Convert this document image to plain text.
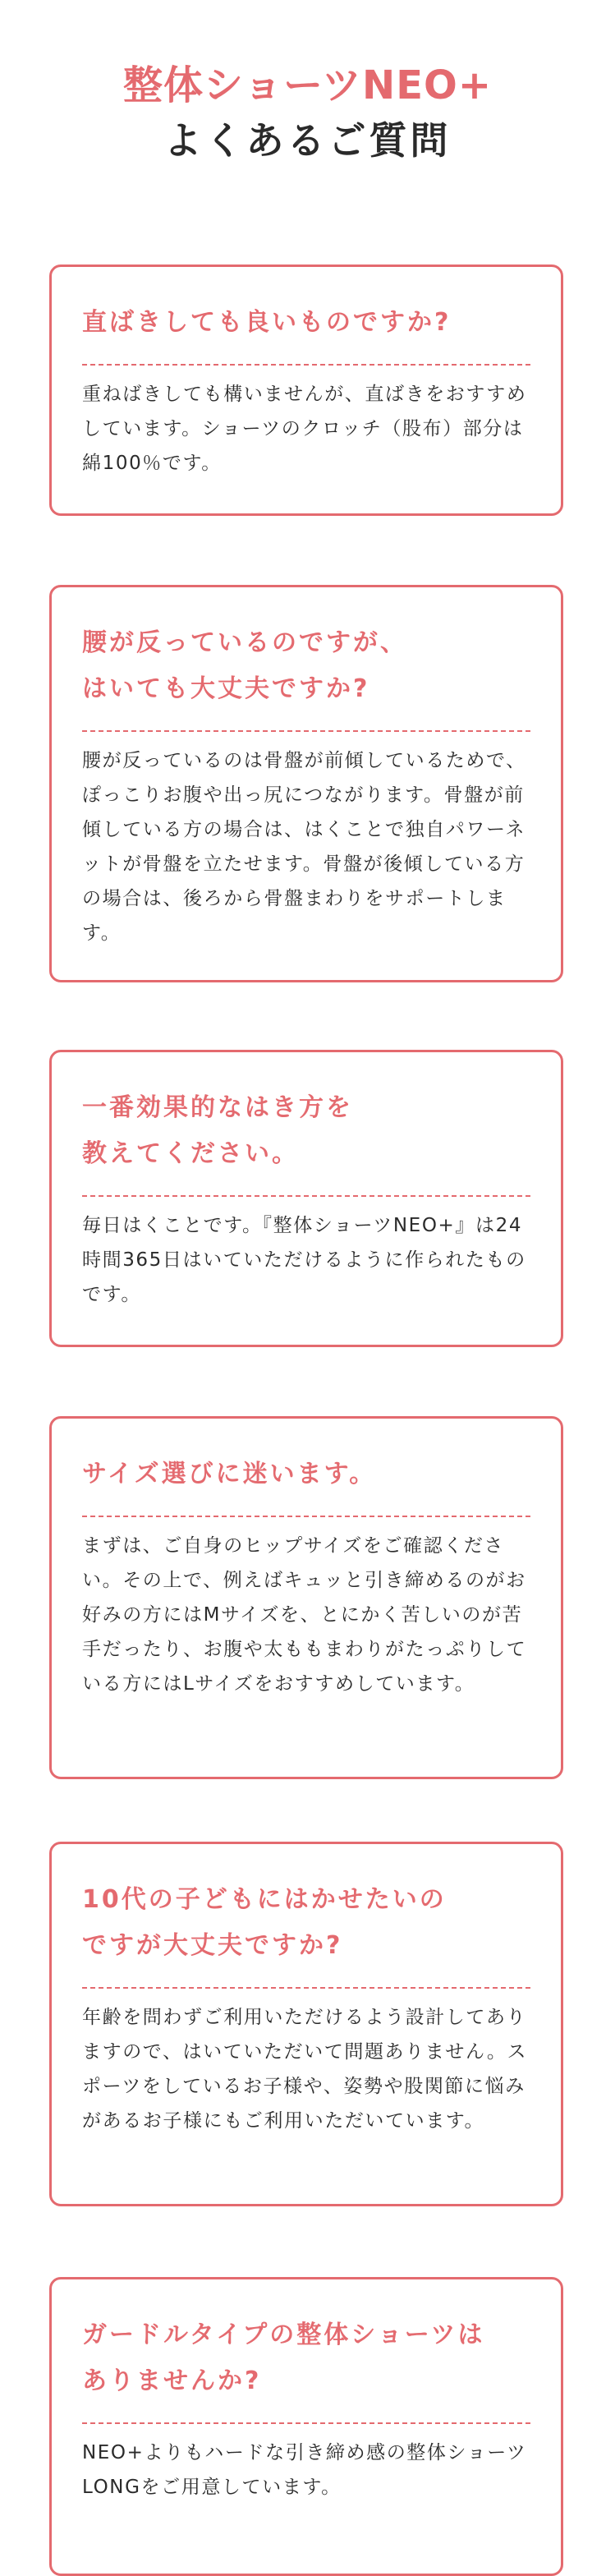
整体ショーツNEO+
よくあるご質問
直ばきしても良いものですか?

重ねばきしても構いませんが、直ばきをおすすめしています。ショーツのクロッチ（股布）部分は綿100％です。

腰が反っているのですが、
はいても大丈夫ですか?

腰が反っているのは骨盤が前傾しているためで、ぽっこりお腹や出っ尻につながります。骨盤が前傾している方の場合は、はくことで独自パワーネットが骨盤を立たせます。骨盤が後傾している方の場合は、後ろから骨盤まわりをサポートします。

一番効果的なはき方を
教えてください。

毎日はくことです。『整体ショーツNEO+』は24時間365日はいていただけるように作られたものです。

サイズ選びに迷います。

まずは、ご自身のヒップサイズをご確認ください。その上で、例えばキュッと引き締めるのがお好みの方にはMサイズを、とにかく苦しいのが苦手だったり、お腹や太ももまわりがたっぷりしている方にはLサイズをおすすめしています。

10代の子どもにはかせたいの
ですが大丈夫ですか?

年齢を問わずご利用いただけるよう設計してありますので、はいていただいて問題ありません。スポーツをしているお子様や、姿勢や股関節に悩みがあるお子様にもご利用いただいています。

ガードルタイプの整体ショーツは
ありませんか?

NEO+よりもハードな引き締め感の整体ショーツLONGをご用意しています。
